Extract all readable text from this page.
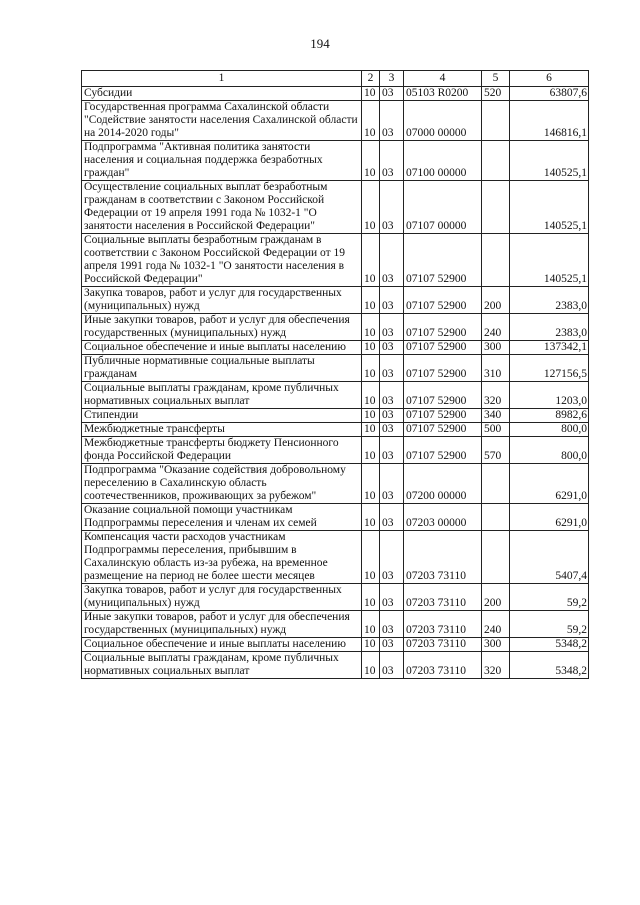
194
1	2	3	4	5	6
Субсидии	10	03	05103 R0200	520	63807,6
Государственная программа Сахалинской области "Содействие занятости населения Сахалинской области на 2014-2020 годы"	10	03	07000 00000		146816,1
Подпрограмма "Активная политика занятости населения и социальная поддержка безработных граждан"	10	03	07100 00000		140525,1
Осуществление социальных выплат безработным гражданам в соответствии с Законом Российской Федерации от 19 апреля 1991 года № 1032-1 "О занятости населения в Российской Федерации"	10	03	07107 00000		140525,1
Социальные выплаты безработным гражданам в соответствии с Законом Российской Федерации от 19 апреля 1991 года № 1032-1 "О занятости населения в Российской Федерации"	10	03	07107 52900		140525,1
Закупка товаров, работ и услуг для государственных (муниципальных) нужд	10	03	07107 52900	200	2383,0
Иные закупки товаров, работ и услуг для обеспечения государственных (муниципальных) нужд	10	03	07107 52900	240	2383,0
Социальное обеспечение и иные выплаты населению	10	03	07107 52900	300	137342,1
Публичные нормативные социальные выплаты гражданам	10	03	07107 52900	310	127156,5
Социальные выплаты гражданам, кроме публичных нормативных социальных выплат	10	03	07107 52900	320	1203,0
Стипендии	10	03	07107 52900	340	8982,6
Межбюджетные трансферты	10	03	07107 52900	500	800,0
Межбюджетные трансферты бюджету Пенсионного фонда Российской Федерации	10	03	07107 52900	570	800,0
Подпрограмма "Оказание содействия добровольному переселению в Сахалинскую область соотечественников, проживающих за рубежом"	10	03	07200 00000		6291,0
Оказание социальной помощи участникам Подпрограммы переселения и членам их семей	10	03	07203 00000		6291,0
Компенсация части расходов участникам Подпрограммы переселения, прибывшим в Сахалинскую область из-за рубежа, на временное размещение на период не более шести месяцев	10	03	07203 73110		5407,4
Закупка товаров, работ и услуг для государственных (муниципальных) нужд	10	03	07203 73110	200	59,2
Иные закупки товаров, работ и услуг для обеспечения государственных (муниципальных) нужд	10	03	07203 73110	240	59,2
Социальное обеспечение и иные выплаты населению	10	03	07203 73110	300	5348,2
Социальные выплаты гражданам, кроме публичных нормативных социальных выплат	10	03	07203 73110	320	5348,2
